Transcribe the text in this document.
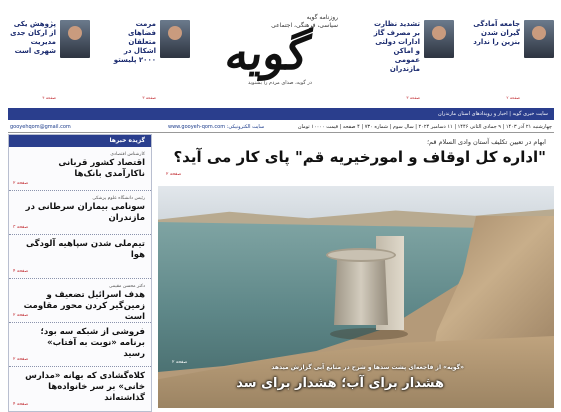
جامعه آمادگی گیران شدن بنزین را ندارد
صفحه ۲
تشدید نظارت بر مصرف گاز ادارات دولتی و اماکن عمومی مازندران
صفحه ۳
مرمت فضاهای متعلقان اشکال در ۲۰۰۰ پلیستو
صفحه ۳
پژوهش یکی از ارکان جدی مدیریت شهری است
صفحه ۴
روزنامه گویه
سیاسی، فرهنگی، اجتماعی
گویه
در گویه، صدای مردم را بشنوید
سایت خبری گویه | اخبار و رویدادهای استان مازندران
چهارشنبه ۲۱ آذر ۱۴۰۳ | ۹ جمادی الثانی ۱۴۴۶ | ۱۱ دسامبر ۲۰۲۴ | سال سوم | شماره ۷۳۰ | ۴ صفحه | قیمت ۱۰۰۰۰ تومان
سایت الکترونیکی: www.gooyeh-qom.com
gooyehqom@gmail.com
گزیده خبرها
کارشناس اقتصادی
اقتصاد کشور قربانی ناکارآمدی بانک‌ها
صفحه ۲
رئیس دانشگاه علوم پزشکی
سونامی بیماران سرطانی در مازندران
صفحه ۳
تیم‌ملی شدن سپاهیه آلودگی هوا
صفحه ۴
دکتر محسن مقیمی
هدف اسرائیل تضعیف و زمین‌گیر کردن محور مقاومت است
صفحه ۲
فروشی از شبکه سه بود؛ برنامه «نوبت به آفتاب» رسید
صفحه ۲
کلاه‌گشادی که بهانه «مدارس خانی» بر سر خانواده‌ها گذاشته‌اند
صفحه ۴
ابهام در تعیین تکلیف آستان وادی السلام قم؛
"اداره کل اوقاف و امورخیریه قم" پای کار می آید؟
صفحه ۲
«گویه» از فاجعه‌ای پشت سدها و شرح در منابع آبی گزارش میدهد
هشدار برای آب؛ هشدار برای سد
صفحه ۲
